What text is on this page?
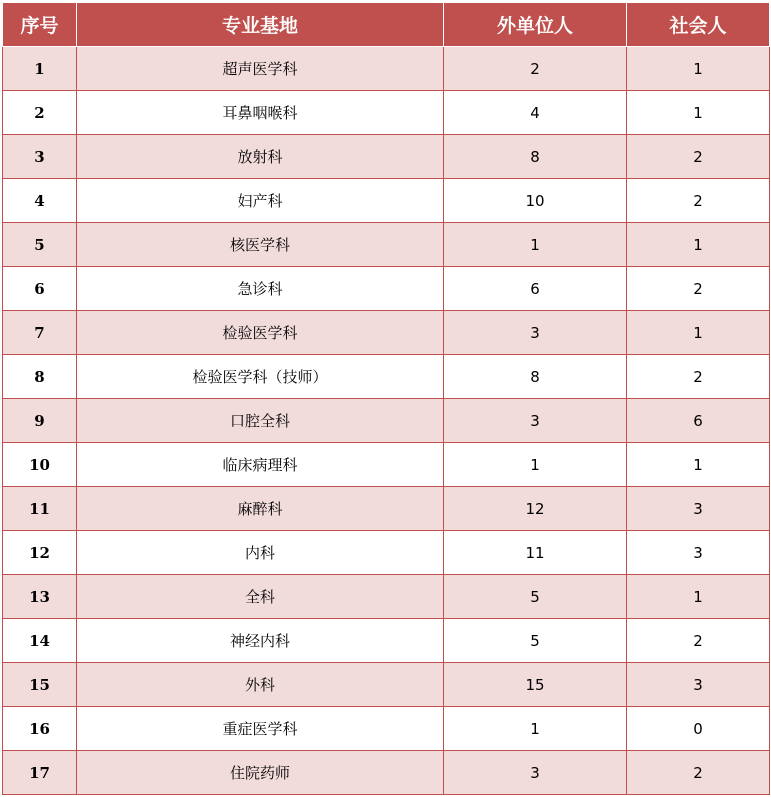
序号	专业基地	外单位人	社会人
1	超声医学科	2	1
2	耳鼻咽喉科	4	1
3	放射科	8	2
4	妇产科	10	2
5	核医学科	1	1
6	急诊科	6	2
7	检验医学科	3	1
8	检验医学科（技师）	8	2
9	口腔全科	3	6
10	临床病理科	1	1
11	麻醉科	12	3
12	内科	11	3
13	全科	5	1
14	神经内科	5	2
15	外科	15	3
16	重症医学科	1	0
17	住院药师	3	2
